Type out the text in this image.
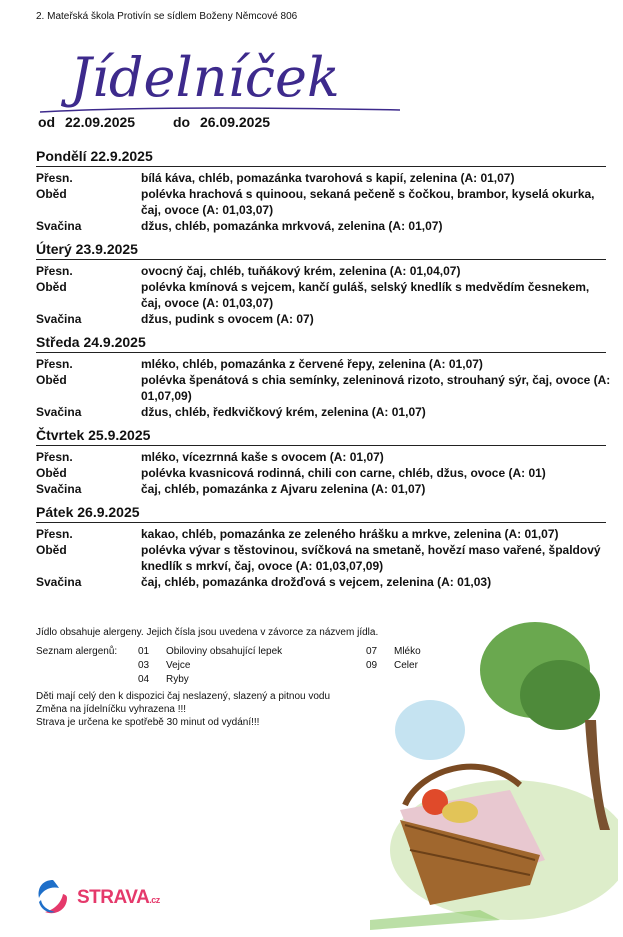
2. Mateřská škola Protivín se sídlem Boženy Němcové 806
Jídelníček
od 22.09.2025	do 26.09.2025
Pondělí 22.9.2025
Přesn.	bílá káva, chléb, pomazánka tvarohová s kapií, zelenina (A: 01,07)
Oběd	polévka hrachová s quinoou, sekaná pečeně s čočkou, brambor, kyselá okurka, čaj, ovoce (A: 01,03,07)
Svačina	džus, chléb, pomazánka mrkvová, zelenina (A: 01,07)
Úterý 23.9.2025
Přesn.	ovocný čaj, chléb, tuňákový krém, zelenina (A: 01,04,07)
Oběd	polévka kmínová s vejcem, kančí guláš, selský knedlík s medvědím česnekem, čaj, ovoce (A: 01,03,07)
Svačina	džus, pudink s ovocem (A: 07)
Středa 24.9.2025
Přesn.	mléko, chléb, pomazánka z červené řepy, zelenina (A: 01,07)
Oběd	polévka špenátová s chia semínky, zeleninová rizoto, strouhaný sýr, čaj, ovoce (A: 01,07,09)
Svačina	džus, chléb, ředkvičkový krém, zelenina (A: 01,07)
Čtvrtek 25.9.2025
Přesn.	mléko, vícezrnná kaše s ovocem (A: 01,07)
Oběd	polévka kvasnicová rodinná, chili con carne, chléb, džus, ovoce (A: 01)
Svačina	čaj, chléb, pomazánka z Ajvaru zelenina (A: 01,07)
Pátek 26.9.2025
Přesn.	kakao, chléb, pomazánka ze zeleného hrášku a mrkve, zelenina (A: 01,07)
Oběd	polévka vývar s těstovinou, svíčková na smetaně, hovězí maso vařené, špaldový knedlík s mrkví, čaj, ovoce (A: 01,03,07,09)
Svačina	čaj, chléb, pomazánka drožďová s vejcem, zelenina (A: 01,03)
Jídlo obsahuje alergeny. Jejich čísla jsou uvedena v závorce za názvem jídla.
Seznam alergenů:	01	Obiloviny obsahující lepek	07	Mléko
03	Vejce	09	Celer
04	Ryby
Děti mají celý den k dispozici čaj neslazený, slazený a pitnou vodu
Změna na jídelníčku vyhrazena !!!
Strava je určena ke spotřebě 30 minut od vydání!!!
STRAVA.cz
